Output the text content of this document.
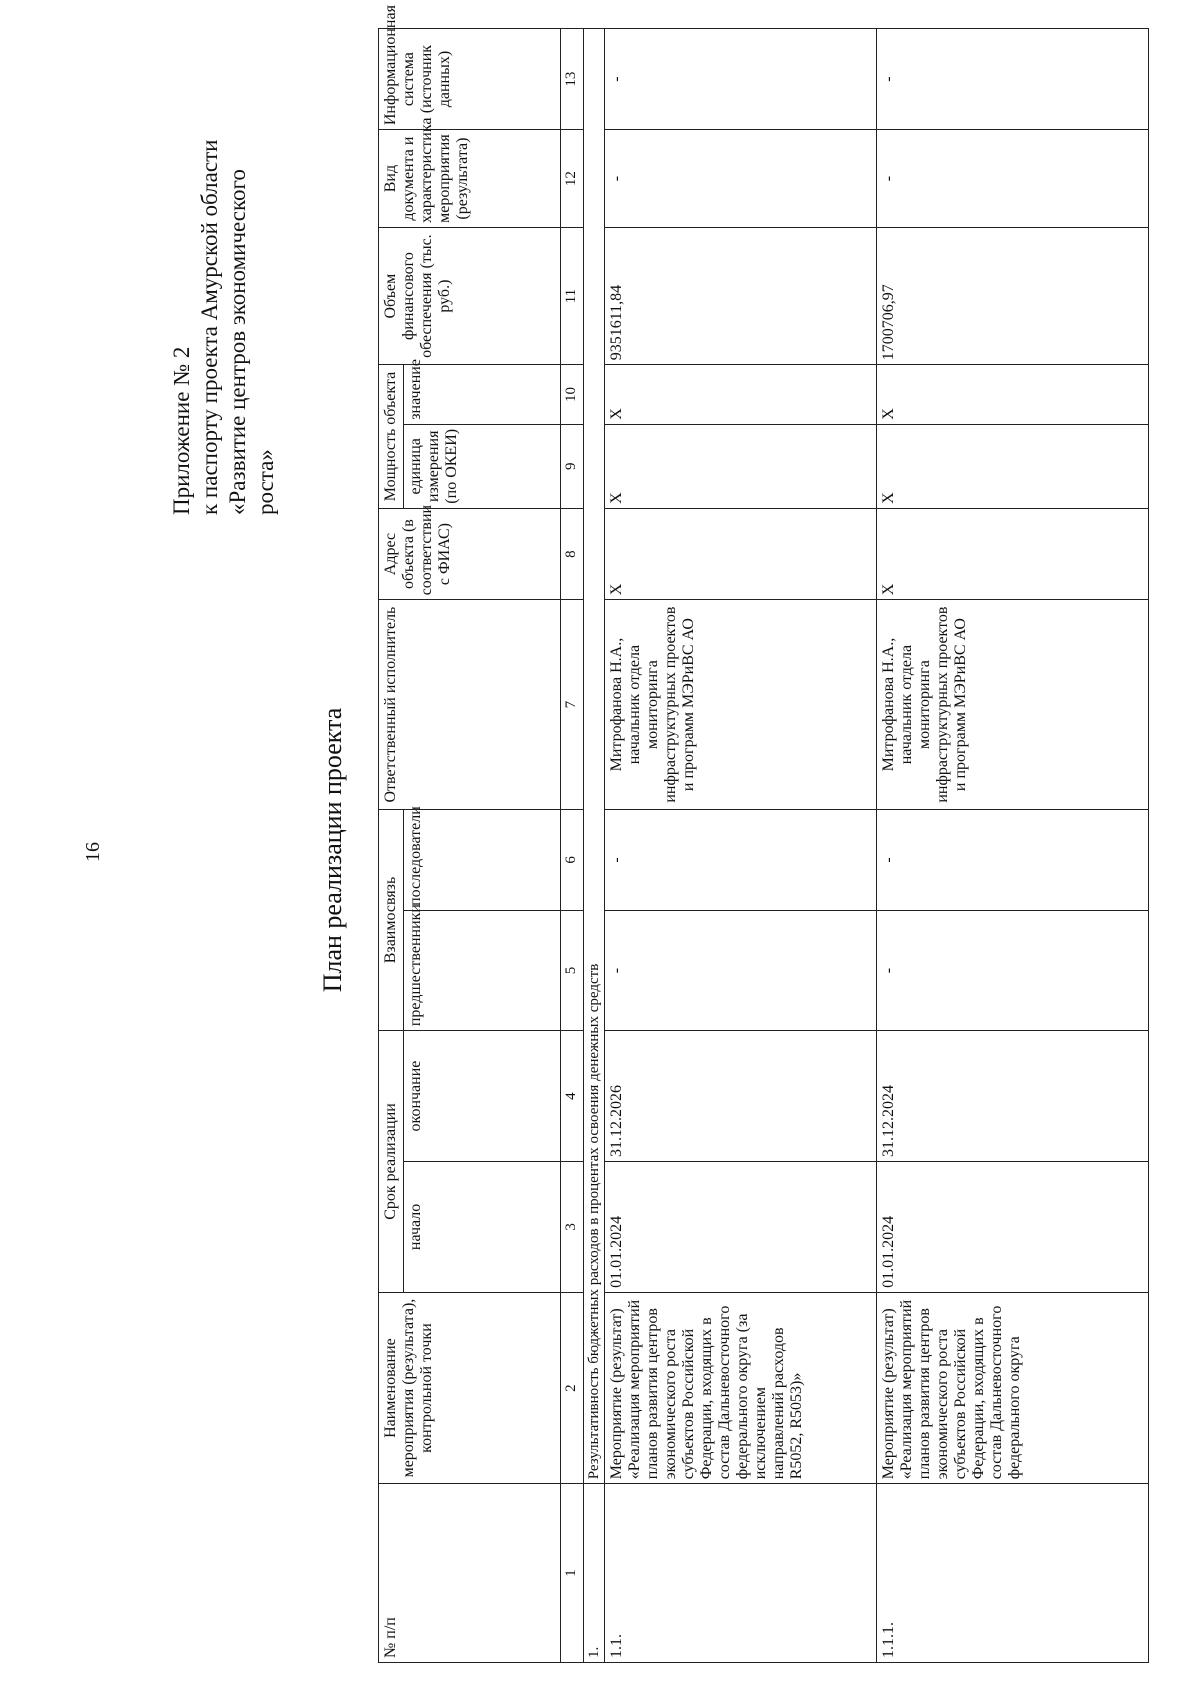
16
Приложение № 2 к паспорту проекта Амурской области «Развитие центров экономического роста»
План реализации проекта
№ п/п	Наименование мероприятия (результата), контрольной точки	Срок реализации		Взаимосвязь		Ответственный исполнитель	Адрес объекта (в соответствии с ФИАС)	Мощность объекта		Объем финансового обеспечения (тыс. руб.)	Вид документа и характеристика мероприятия (результата)	Информационная система (источник данных)
		начало	окончание	предшественники	последователи			единица измерения (по ОКЕИ)	значение			
1	2	3	4	5	6	7	8	9	10	11	12	13
1.	Результативность бюджетных расходов в процентах освоения денежных средств											
1.1.	Мероприятие (результат) «Реализация мероприятий планов развития центров экономического роста субъектов Российской Федерации, входящих в состав Дальневосточного федерального округа (за исключением направлений расходов R5052, R5053)»	01.01.2024	31.12.2026	-	-	Митрофанова Н.А., начальник отдела мониторинга инфраструктурных проектов и программ МЭРиВС АО	X	X	X	9351611,84	-	-
1.1.1.	Мероприятие (результат) «Реализация мероприятий планов развития центров экономического роста субъектов Российской Федерации, входящих в состав Дальневосточного федерального округа	01.01.2024	31.12.2024	-	-	Митрофанова Н.А., начальник отдела мониторинга инфраструктурных проектов и программ МЭРиВС АО	X	X	X	1700706,97	-	-
